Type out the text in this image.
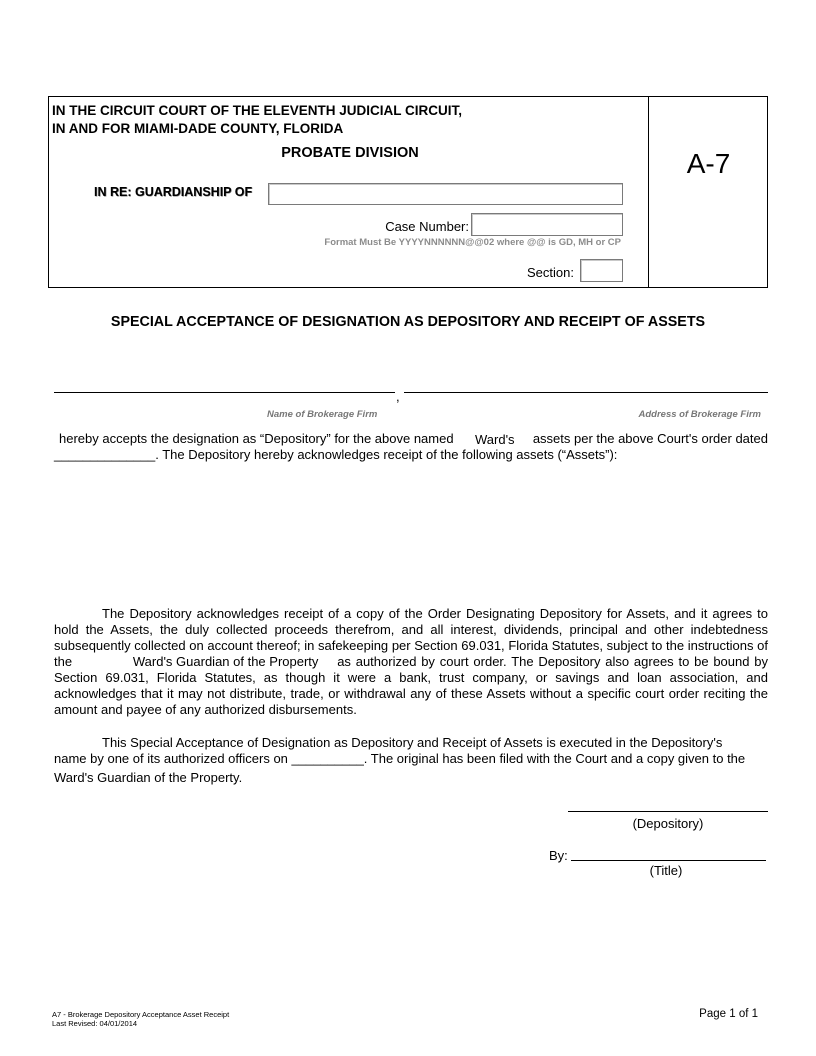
IN THE CIRCUIT COURT OF THE ELEVENTH JUDICIAL CIRCUIT,
IN AND FOR MIAMI-DADE COUNTY, FLORIDA
PROBATE DIVISION	A-7
IN RE: GUARDIANSHIP OF
Case Number:
Format Must Be YYYYNNNNNN@@02 where @@ is GD, MH or CP
Section:
SPECIAL ACCEPTANCE OF DESIGNATION AS DEPOSITORY AND RECEIPT OF ASSETS
,
Name of Brokerage Firm	Address of Brokerage Firm
hereby accepts the designation as “Depository” for the above named Ward's assets per the above Court's order dated
______________. The Depository hereby acknowledges receipt of the following assets (“Assets”):
The Depository acknowledges receipt of a copy of the Order Designating Depository for Assets, and it agrees to hold the Assets, the duly collected proceeds therefrom, and all interest, dividends, principal and other indebtedness subsequently collected on account thereof; in safekeeping per Section 69.031, Florida Statutes, subject to the instructions of the	Ward's Guardian of the Property as authorized by court order. The Depository also agrees to be bound by Section 69.031, Florida Statutes, as though it were a bank, trust company, or savings and loan association, and acknowledges that it may not distribute, trade, or withdrawal any of these Assets without a specific court order reciting the amount and payee of any authorized disbursements.
This Special Acceptance of Designation as Depository and Receipt of Assets is executed in the Depository's
name by one of its authorized officers on __________. The original has been filed with the Court and a copy given to the
Ward's Guardian of the Property.
(Depository)
By:
(Title)
A7 - Brokerage Depository Acceptance Asset Receipt
Last Revised: 04/01/2014
Page 1 of 1
